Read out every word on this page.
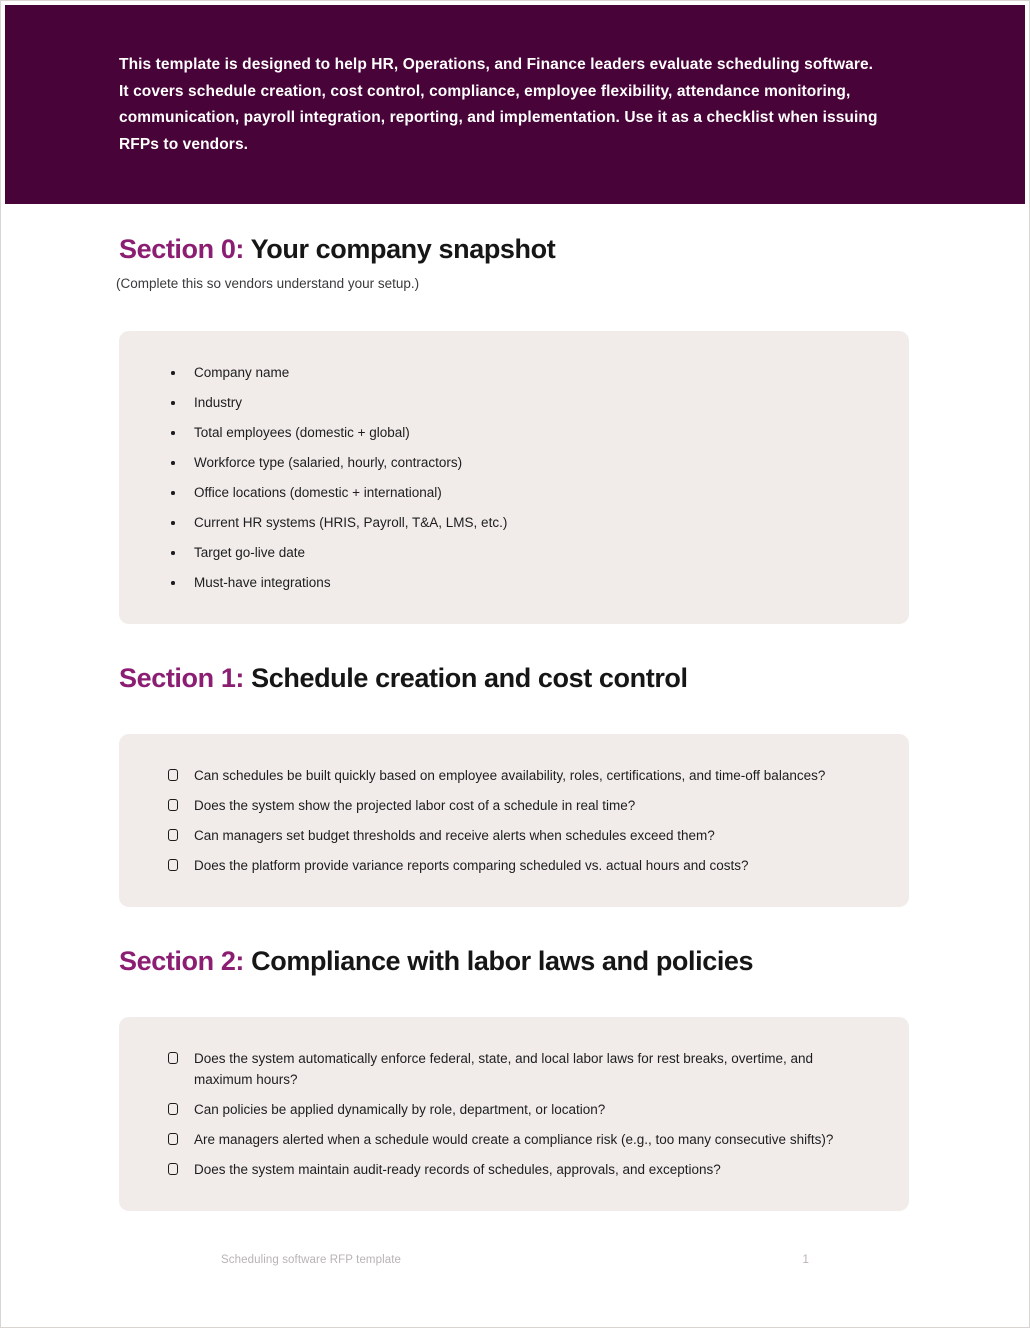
This template is designed to help HR, Operations, and Finance leaders evaluate scheduling software. It covers schedule creation, cost control, compliance, employee flexibility, attendance monitoring, communication, payroll integration, reporting, and implementation. Use it as a checklist when issuing RFPs to vendors.

Section 0: Your company snapshot

(Complete this so vendors understand your setup.)

Company name
Industry
Total employees (domestic + global)
Workforce type (salaried, hourly, contractors)
Office locations (domestic + international)
Current HR systems (HRIS, Payroll, T&A, LMS, etc.)
Target go-live date
Must-have integrations
Section 1: Schedule creation and cost control
Can schedules be built quickly based on employee availability, roles, certifications, and time-off balances?
Does the system show the projected labor cost of a schedule in real time?
Can managers set budget thresholds and receive alerts when schedules exceed them?
Does the platform provide variance reports comparing scheduled vs. actual hours and costs?
Section 2: Compliance with labor laws and policies
Does the system automatically enforce federal, state, and local labor laws for rest breaks, overtime, and maximum hours?
Can policies be applied dynamically by role, department, or location?
Are managers alerted when a schedule would create a compliance risk (e.g., too many consecutive shifts)?
Does the system maintain audit-ready records of schedules, approvals, and exceptions?
Scheduling software RFP template	1
